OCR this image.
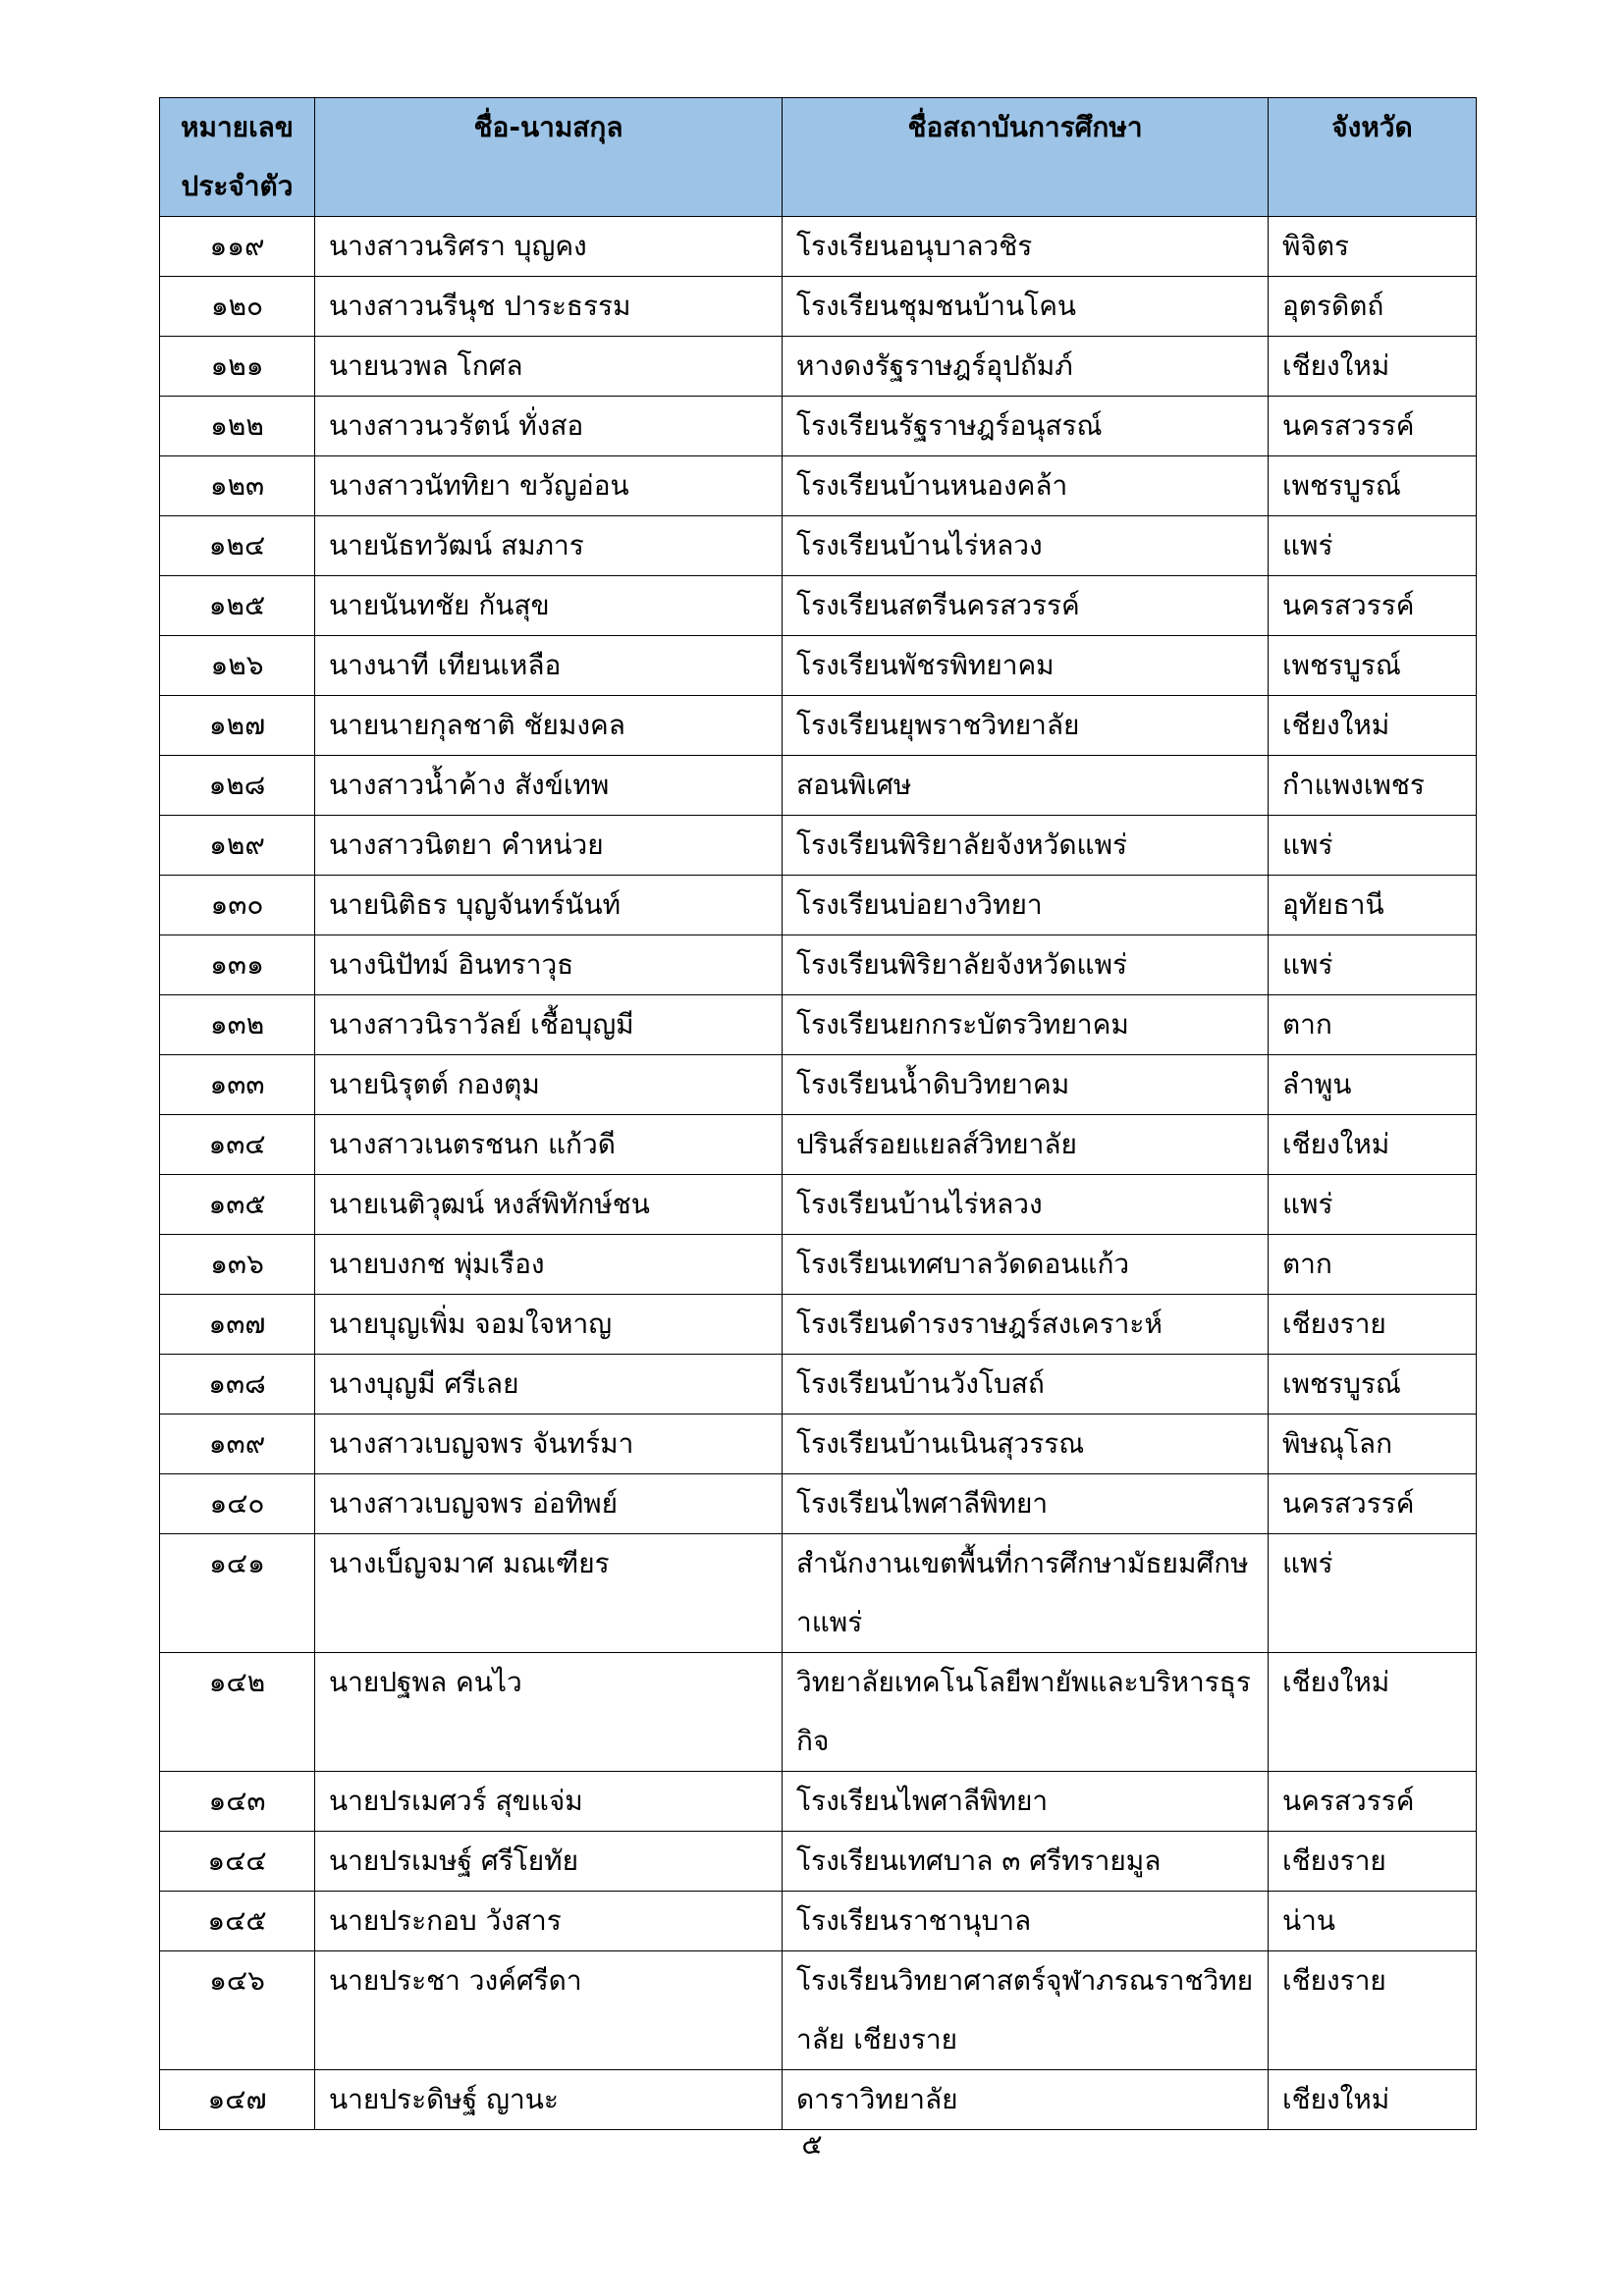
หมายเลข
ประจำตัว	ชื่อ-นามสกุล	ชื่อสถาบันการศึกษา	จังหวัด
๑๑๙	นางสาวนริศรา บุญคง	โรงเรียนอนุบาลวชิร	พิจิตร
๑๒๐	นางสาวนรีนุช ปาระธรรม	โรงเรียนชุมชนบ้านโคน	อุตรดิตถ์
๑๒๑	นายนวพล โกศล	หางดงรัฐราษฎร์อุปถัมภ์	เชียงใหม่
๑๒๒	นางสาวนวรัตน์ ทั่งสอ	โรงเรียนรัฐราษฎร์อนุสรณ์	นครสวรรค์
๑๒๓	นางสาวนัททิยา ขวัญอ่อน	โรงเรียนบ้านหนองคล้า	เพชรบูรณ์
๑๒๔	นายนัธทวัฒน์ สมภาร	โรงเรียนบ้านไร่หลวง	แพร่
๑๒๕	นายนันทชัย กันสุข	โรงเรียนสตรีนครสวรรค์	นครสวรรค์
๑๒๖	นางนาที เทียนเหลือ	โรงเรียนพัชรพิทยาคม	เพชรบูรณ์
๑๒๗	นายนายกุลชาติ ชัยมงคล	โรงเรียนยุพราชวิทยาลัย	เชียงใหม่
๑๒๘	นางสาวน้ำค้าง สังข์เทพ	สอนพิเศษ	กำแพงเพชร
๑๒๙	นางสาวนิตยา คำหน่วย	โรงเรียนพิริยาลัยจังหวัดแพร่	แพร่
๑๓๐	นายนิติธร บุญจันทร์นันท์	โรงเรียนบ่อยางวิทยา	อุทัยธานี
๑๓๑	นางนิปัทม์ อินทราวุธ	โรงเรียนพิริยาลัยจังหวัดแพร่	แพร่
๑๓๒	นางสาวนิราวัลย์ เชื้อบุญมี	โรงเรียนยกกระบัตรวิทยาคม	ตาก
๑๓๓	นายนิรุตต์ กองตุม	โรงเรียนน้ำดิบวิทยาคม	ลำพูน
๑๓๔	นางสาวเนตรชนก แก้วดี	ปรินส์รอยแยลส์วิทยาลัย	เชียงใหม่
๑๓๕	นายเนติวุฒน์ หงส์พิทักษ์ชน	โรงเรียนบ้านไร่หลวง	แพร่
๑๓๖	นายบงกช พุ่มเรือง	โรงเรียนเทศบาลวัดดอนแก้ว	ตาก
๑๓๗	นายบุญเพิ่ม จอมใจหาญ	โรงเรียนดำรงราษฎร์สงเคราะห์	เชียงราย
๑๓๘	นางบุญมี ศรีเลย	โรงเรียนบ้านวังโบสถ์	เพชรบูรณ์
๑๓๙	นางสาวเบญจพร จันทร์มา	โรงเรียนบ้านเนินสุวรรณ	พิษณุโลก
๑๔๐	นางสาวเบญจพร อ่อทิพย์	โรงเรียนไพศาลีพิทยา	นครสวรรค์
๑๔๑	นางเบ็ญจมาศ มณเฑียร	สำนักงานเขตพื้นที่การศึกษามัธยมศึกษาแพร่	แพร่
๑๔๒	นายปฐพล คนไว	วิทยาลัยเทคโนโลยีพายัพและบริหารธุรกิจ	เชียงใหม่
๑๔๓	นายปรเมศวร์ สุขแจ่ม	โรงเรียนไพศาลีพิทยา	นครสวรรค์
๑๔๔	นายปรเมษฐ์ ศรีโยทัย	โรงเรียนเทศบาล ๓ ศรีทรายมูล	เชียงราย
๑๔๕	นายประกอบ วังสาร	โรงเรียนราชานุบาล	น่าน
๑๔๖	นายประชา วงค์ศรีดา	โรงเรียนวิทยาศาสตร์จุฬาภรณราชวิทยาลัย เชียงราย	เชียงราย
๑๔๗	นายประดิษฐ์ ญานะ	ดาราวิทยาลัย	เชียงใหม่
๕
